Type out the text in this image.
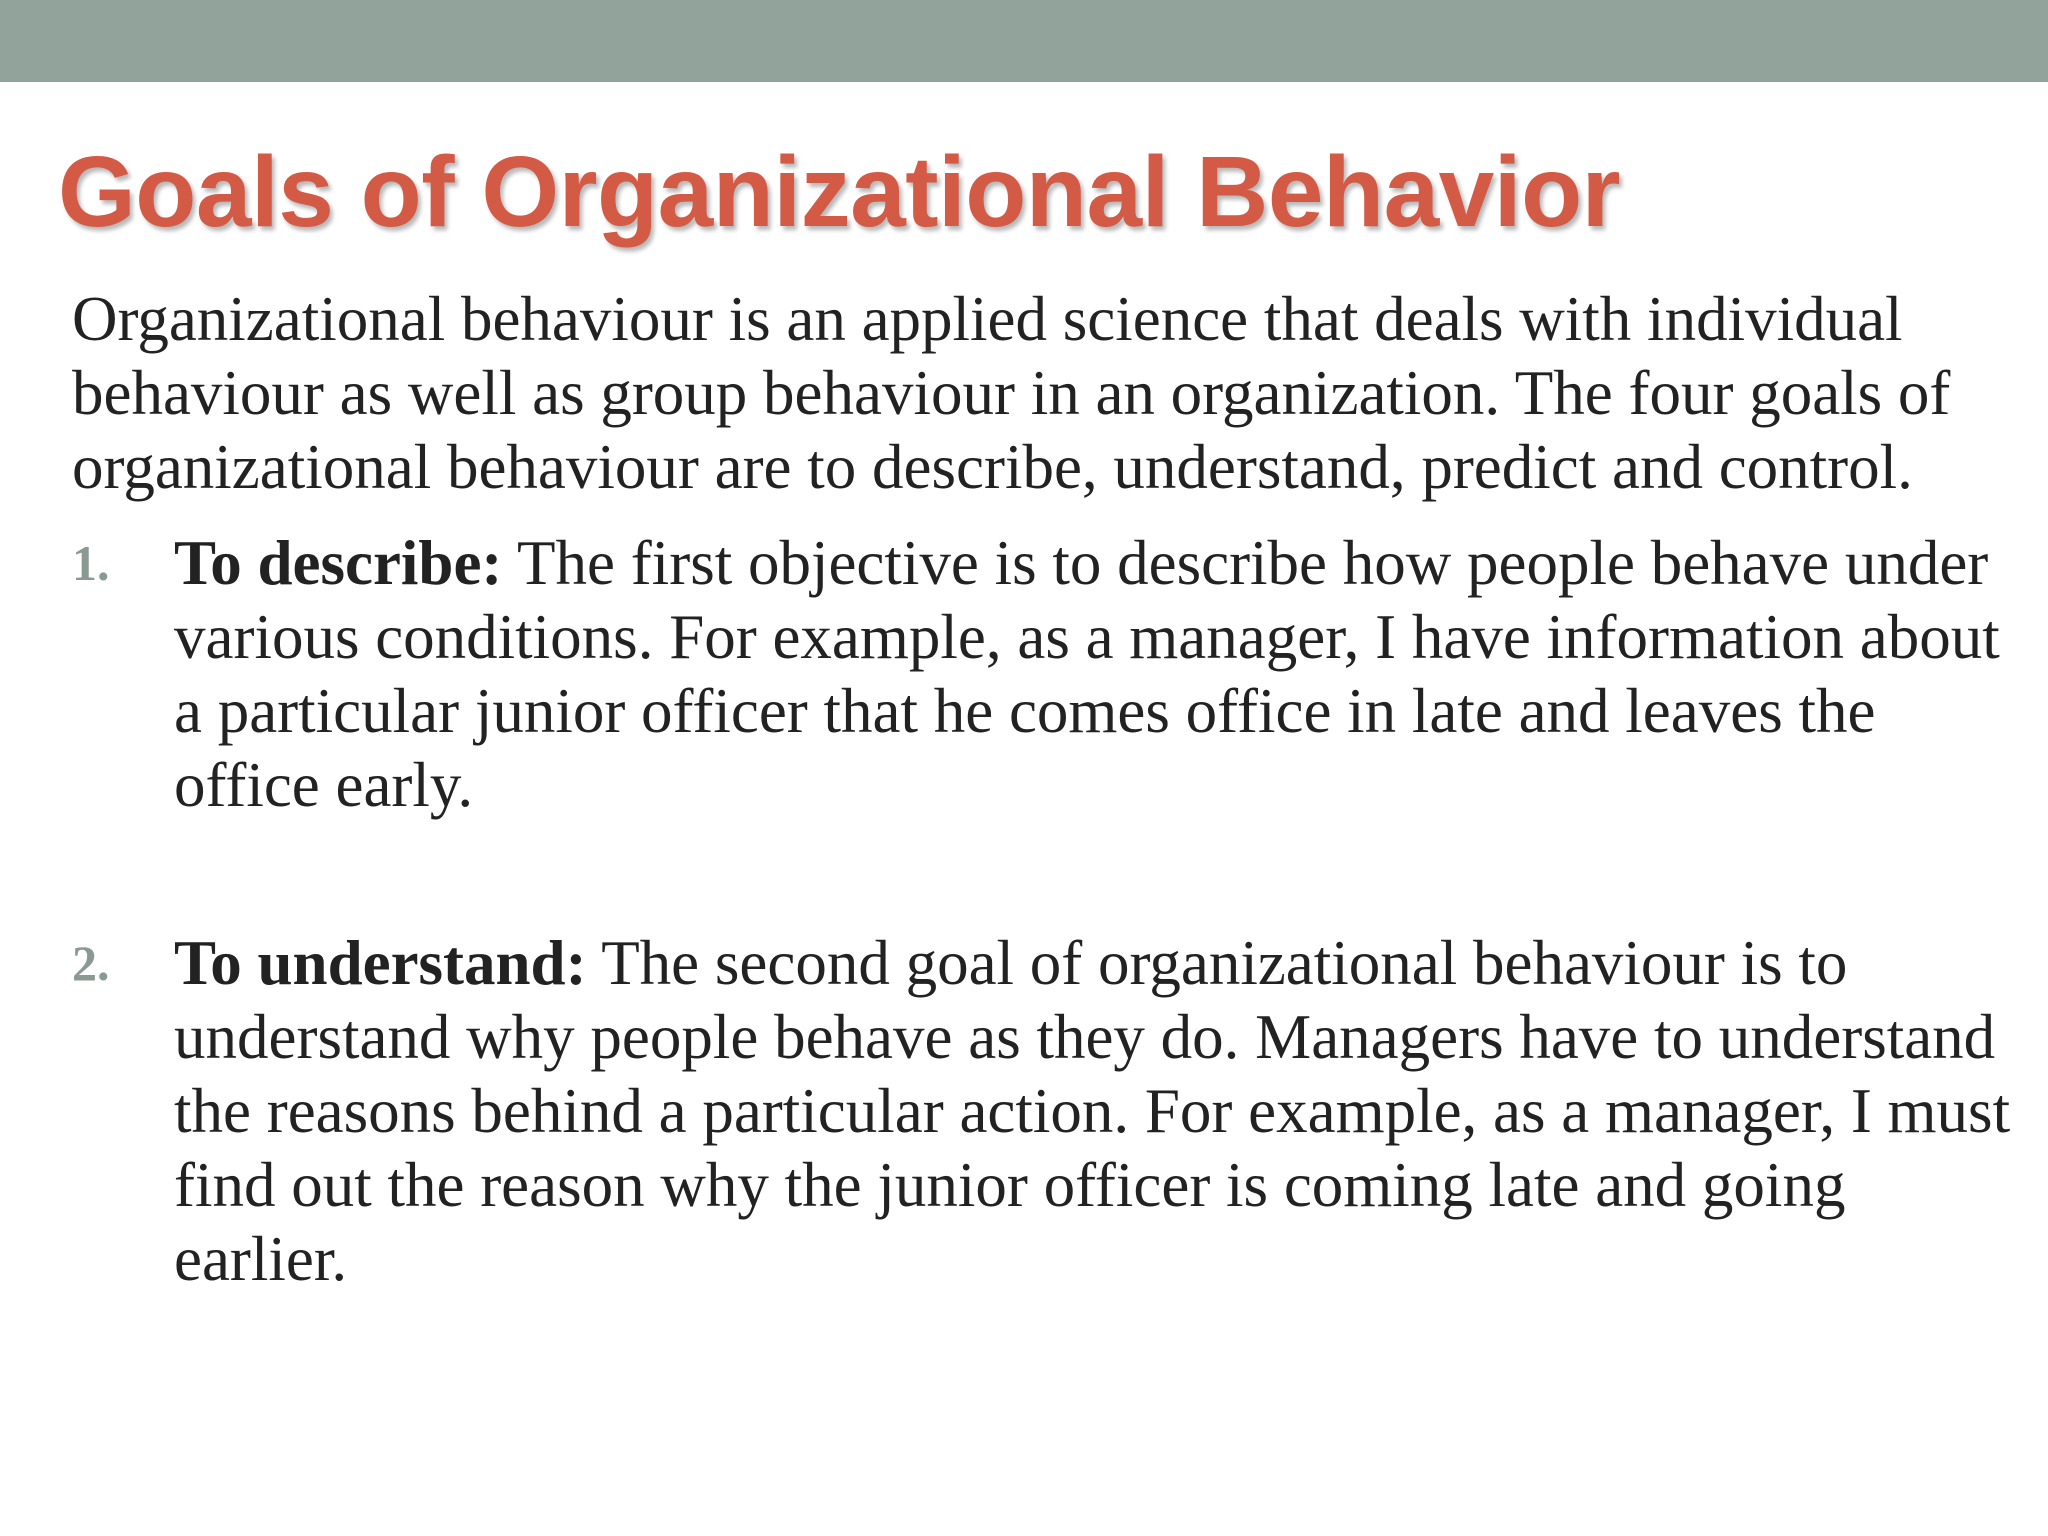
Goals of Organizational Behavior

Organizational behaviour is an applied science that deals with individual behaviour as well as group behaviour in an organization. The four goals of organizational behaviour are to describe, understand, predict and control.

1. To describe: The first objective is to describe how people behave under various conditions. For example, as a manager, I have information about a particular junior officer that he comes office in late and leaves the office early.
2. To understand: The second goal of organizational behaviour is to understand why people behave as they do. Managers have to understand the reasons behind a particular action. For example, as a manager, I must find out the reason why the junior officer is coming late and going earlier.
